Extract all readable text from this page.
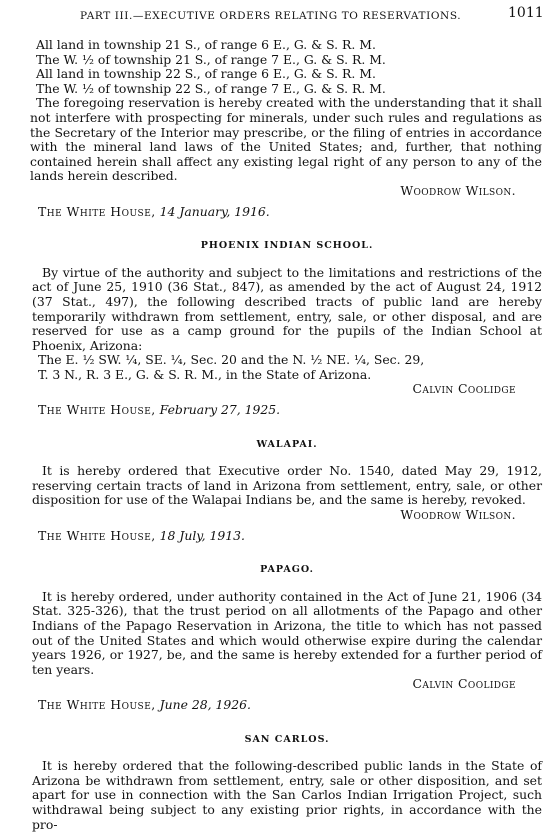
PART III.—EXECUTIVE ORDERS RELATING TO RESERVATIONS.	1011

All land in township 21 S., of range 6 E., G. & S. R. M.

The W. ½ of township 21 S., of range 7 E., G. & S. R. M.

All land in township 22 S., of range 6 E., G. & S. R. M.

The W. ½ of township 22 S., of range 7 E., G. & S. R. M.

The foregoing reservation is hereby created with the understanding that it shall not interfere with prospecting for minerals, under such rules and regulations as the Secretary of the Interior may prescribe, or the filing of entries in accordance with the mineral land laws of the United States; and, further, that nothing contained herein shall affect any existing legal right of any person to any of the lands herein described.

Woodrow Wilson.

The White House, 14 January, 1916.

PHOENIX INDIAN SCHOOL.

By virtue of the authority and subject to the limitations and restrictions of the act of June 25, 1910 (36 Stat., 847), as amended by the act of August 24, 1912 (37 Stat., 497), the following described tracts of public land are hereby temporarily withdrawn from settlement, entry, sale, or other disposal, and are reserved for use as a camp ground for the pupils of the Indian School at Phoenix, Arizona:

The E. ½ SW. ¼, SE. ¼, Sec. 20 and the N. ½ NE. ¼, Sec. 29,

T. 3 N., R. 3 E., G. & S. R. M., in the State of Arizona.

Calvin Coolidge

The White House, February 27, 1925.

WALAPAI.

It is hereby ordered that Executive order No. 1540, dated May 29, 1912, reserving certain tracts of land in Arizona from settlement, entry, sale, or other disposition for use of the Walapai Indians be, and the same is hereby, revoked.

Woodrow Wilson.

The White House, 18 July, 1913.

PAPAGO.

It is hereby ordered, under authority contained in the Act of June 21, 1906 (34 Stat. 325-326), that the trust period on all allotments of the Papago and other Indians of the Papago Reservation in Arizona, the title to which has not passed out of the United States and which would otherwise expire during the calendar years 1926, or 1927, be, and the same is hereby extended for a further period of ten years.

Calvin Coolidge

The White House, June 28, 1926.

SAN CARLOS.

It is hereby ordered that the following-described public lands in the State of Arizona be withdrawn from settlement, entry, sale or other disposition, and set apart for use in connection with the San Carlos Indian Irrigation Project, such withdrawal being subject to any existing prior rights, in accordance with the pro-
